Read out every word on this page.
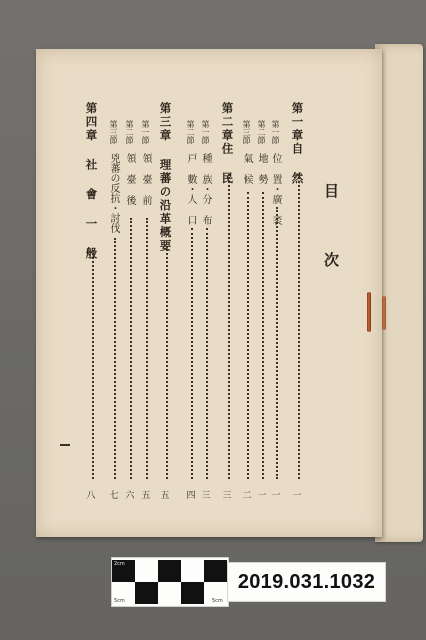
目 次
第一章自 然
一
第一節 位 置・廣 袤
一
第二節 地 勢
一
第三節 氣 候
二
第二章住 民
三
第一節 種 族・分 布
三
第二節 戸 數・人 口
四
第三章 理蕃の沿革概要
五
第一節 領 臺 前
五
第二節 領 臺 後
六
第三節 兇蕃の反抗・討伐
七
第四章 社 會 一 般
八
2cm
5cm	5cm
2019.031.1032
